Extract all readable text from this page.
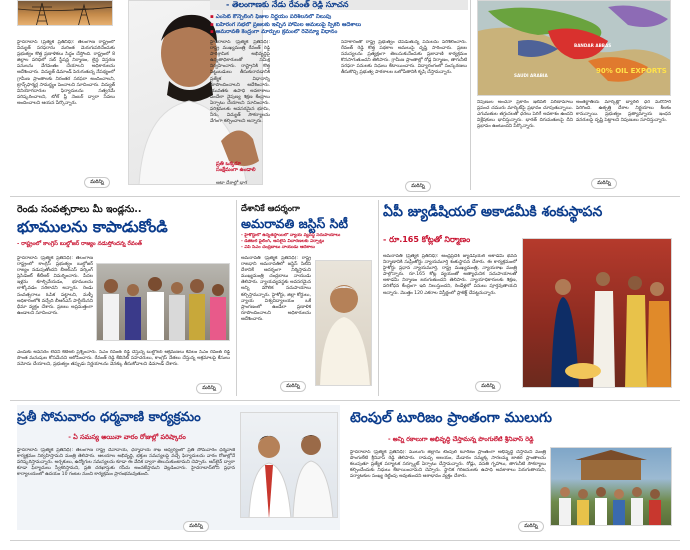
హైదరాబాద్ (ప్రత్యేక ప్రతినిధి): తెలంగాణ రాష్ట్రంలో విద్యుత్ సరఫరాను మరింత మెరుగుపరిచేందుకు ప్రభుత్వం కొత్త ప్రణాళికలు సిద్ధం చేస్తోంది. రాష్ట్రంలో 8 జిల్లాల పరిధిలో సబ్ స్టేషన్ల నిర్మాణం, లైన్ల విస్తరణ పనులను వేగవంతం చేయాలని అధికారులను ఆదేశించారు. విద్యుత్ డిమాండ్ పెరుగుతున్న నేపథ్యంలో గ్రామీణ ప్రాంతాలకు నిరంతర సరఫరా అందించాలని, ట్రాన్స్‌ఫార్మర్ల సామర్థ్యం పెంచాలని సూచించారు. విద్యుత్ వినియోగదారుల ఫిర్యాదులను సత్వరమే పరిష్కరించాలని, టోల్ ఫ్రీ నెంబర్ ద్వారా సేవలు అందించాలని ఆయన పేర్కొన్నారు.
మరిన్ని
ప్రతి ఒక్కరూ సంక్షేమంగా ఉండాలి
ఆటా దేశాల్లో భాగ
- తెలంగాణకు నేడు రేవంత్ రెడ్డి సూచన
▪ ఎంసెట్ కౌన్సెలింగ్ ఫీజుల నిర్ణయం పరిశీలనలో నిలుపు
▪ బహిరంగ సభలో ప్రజలకు ఇచ్చిన హామీల అమలుపై స్పీకర్ ఆదేశాలు
▪ అమరావతి కేంద్రంగా మార్పుల క్రమంలో రెవెన్యూ విధానం
హైదరాబాద్ (ప్రత్యేక ప్రతినిధి): రాష్ట్ర ముఖ్యమంత్రి రేవంత్ రెడ్డి పారిశ్రామిక అభివృద్ధిపై ఉన్నతాధికారులతో సమీక్ష నిర్వహించారు. రాష్ట్రానికి కొత్త పెట్టుబడులు తీసుకురావడానికి ప్రత్యేక విధానాన్ని రూపొందించాలని ఆదేశించారు. యువతకు ఉపాధి అవకాశాలు పెంచేలా నైపుణ్య శిక్షణ కేంద్రాలు ఏర్పాటు చేయాలని సూచించారు. పరిశ్రమలకు అవసరమైన భూమి, నీరు, విద్యుత్ సౌకర్యాలను వేగంగా కల్పించాలని అన్నారు.
సహకారంతో రాష్ట్ర ప్రభుత్వం చేపడుతున్న పనులను పరిశీలించారు. రేవంత్ రెడ్డి కొత్త పథకాల అమలుపై దృష్టి సారించారు. ప్రజల సమస్యలను ప్రత్యక్షంగా తెలుసుకునేందుకు ప్రజావాణి కార్యక్రమం కొనసాగుతుందని తెలిపారు. గ్రామీణ ప్రాంతాల్లో రోడ్ల నిర్మాణం, తాగునీటి సరఫరా పనులకు నిధులు కేటాయించారు. విద్యారంగంలో సంస్కరణలు తీసుకొచ్చి ప్రభుత్వ పాఠశాలల బలోపేతానికి కృషి చేస్తామన్నారు.
మరిన్ని
BANDAR ABBAS
90% OIL EXPORTS
SAUDI ARABIA
నిపుణుల అంచనా ప్రకారం ఇటీవలి పరిణామాలు ప్రపంచ చమురు మార్కెట్‌పై ప్రభావం చూపుతున్నాయి. ఎగుమతుల తగ్గుదలతో ధరలు పెరిగే అవకాశం ఉందని విశ్లేషకులు భావిస్తున్నారు. భారత్ దిగుమతులపై దీని ప్రభావం ఉంటుందని పేర్కొన్నారు.
అంతర్జాతీయ మార్కెట్లో బ్యారెల్ ధర మరోసారి పెరిగింది. ఉత్పత్తి దేశాల నిర్ణయాలు కీలకం కానున్నాయి. ప్రభుత్వం ప్రత్యామ్నాయ ఇంధన వనరులపై దృష్టి పెట్టాలని నిపుణులు సూచిస్తున్నారు.
మరిన్ని
రెండు సంవత్సరాలు మీ ఇండ్లను..
భూములను కాపాడుకోండి
- రాష్ట్రంలో కాంగ్రెస్ బుల్డోజర్ రాజ్యం నడుస్తోందన్న రేవంత్
హైదరాబాద్ (ప్రత్యేక ప్రతినిధి): తెలంగాణ రాష్ట్రంలో కాంగ్రెస్ ప్రభుత్వం బుల్డోజర్ రాజ్యం నడుపుతోందని బీఆర్ఎస్ వర్కింగ్ ప్రెసిడెంట్ కేటీఆర్ విమర్శించారు. పేదల ఇళ్లను కూల్చివేయడం, భూములను లాక్కోవడం సరికాదని అన్నారు. రెండు సంవత్సరాలు ఓపిక పట్టాలని, మళ్ళీ అధికారంలోకి వచ్చేది బీఆర్ఎస్ పార్టీయేనని ధీమా వ్యక్తం చేశారు. ప్రజలు అప్రమత్తంగా ఉండాలని సూచించారు.
ఎందుకు అవసరం లేదని కేటీఆర్ ప్రశ్నించారు. సీఎం రేవంత్ రెడ్డి చేస్తున్న బుల్డోజర్ ఆక్రమణలు కేవలం సీఎం రేవంత్ రెడ్డి సొంత మనుషుల కోసమేనని ఆరోపించారు. రేవంత్ రెడ్డి కేబినెట్ సహచరులు, కాంగ్రెస్ నేతలు చేస్తున్న అక్రమాలపై కేసులు నమోదు చేయాలని, ప్రభుత్వం తప్పుడు నిర్ణయాలను వెనక్కు తీసుకోవాలని డిమాండ్ చేశారు.
మరిన్ని
దేశానికే ఆదర్శంగా
అమరావతి జస్టిస్ సిటీ
- హైకోర్టులో ఉన్నతస్థాయిలో న్యాయ వ్యవస్థ సదుపాయాలు
- డిజిటల్ ఫైలింగ్, ఆన్‌లైన్ విచారణలకు ఏర్పాట్లు
- ఏపీ సీఎం చంద్రబాబు నాయుడు ఆదేశాలు
అమరావతి (ప్రత్యేక ప్రతినిధి): రాష్ట్ర రాజధాని అమరావతిలో జస్టిస్ సిటీని దేశానికే ఆదర్శంగా నిర్మిస్తామని ముఖ్యమంత్రి చంద్రబాబు నాయుడు తెలిపారు. న్యాయవ్యవస్థకు అవసరమైన అన్ని మౌలిక సదుపాయాలు కల్పిస్తామన్నారు. హైకోర్టు, జిల్లా కోర్టులు, న్యాయ విశ్వవిద్యాలయం ఒకే ప్రాంగణంలో ఉండేలా ప్రణాళిక రూపొందించాలని అధికారులను ఆదేశించారు.
మరిన్ని
ఏపీ జ్యుడీషియల్ అకాడమీకి శంకుస్థాపన
- రూ.165 కోట్లతో నిర్మాణం
అమరావతి (ప్రత్యేక ప్రతినిధి): ఆంధ్రప్రదేశ్ జ్యుడీషియల్ అకాడమీ భవన నిర్మాణానికి సుప్రీంకోర్టు న్యాయమూర్తి శంకుస్థాపన చేశారు. ఈ కార్యక్రమంలో హైకోర్టు ప్రధాన న్యాయమూర్తి, రాష్ట్ర ముఖ్యమంత్రి, న్యాయశాఖ మంత్రి పాల్గొన్నారు. రూ.165 కోట్ల వ్యయంతో అత్యాధునిక సదుపాయాలతో అకాడమీ నిర్మాణం జరుగుతుందని తెలిపారు. న్యాయాధికారులకు శిక్షణ, పరిశోధన కేంద్రంగా ఇది నిలుస్తుందని, రెండేళ్లలో పనులు పూర్తవుతాయని అన్నారు. మొత్తం 120 ఎకరాల విస్తీర్ణంలో ప్రాజెక్ట్ చేపట్టనున్నారు.
మరిన్ని
ప్రతీ సోమవారం ధర్మవాణి కార్యక్రమం
- ఏ సమస్య అయినా వారం రోజుల్లో పరిష్కారం
హైదరాబాద్ (ప్రత్యేక ప్రతినిధి): తెలంగాణ రాష్ట్ర దేవాదాయ, ధర్మాదాయ శాఖ ఆధ్వర్యంలో ప్రతీ సోమవారం ధర్మవాణి కార్యక్రమం నిర్వహిస్తామని మంత్రి తెలిపారు. ఆలయాల అభివృద్ధి, భక్తుల సమస్యలపై వచ్చే ఫిర్యాదులను వారం రోజుల్లోనే పరిష్కరిస్తామన్నారు. అర్చకులు, ఉద్యోగుల సమస్యలను కూడా ఈ వేదిక ద్వారా తెలుసుకుంటామని చెప్పారు. ఆన్‌లైన్ ద్వారా కూడా ఫిర్యాదులు స్వీకరిస్తామని, ప్రతి దరఖాస్తుకు రసీదు అందజేస్తామని వెల్లడించారు. హైదరాబాద్‌లోని ప్రధాన కార్యాలయంలో ఉదయం 10 గంటల నుంచి కార్యక్రమం ప్రారంభమవుతుంది.
మరిన్ని
టెంపుల్ టూరిజం ప్రాంతంగా ములుగు
- అన్ని రకాలుగా అభివృద్ధి చేస్తామన్న పొంగులేటి శ్రీనివాస్ రెడ్డి
హైదరాబాద్ (ప్రత్యేక ప్రతినిధి): ములుగు జిల్లాను టెంపుల్ టూరిజం ప్రాంతంగా అభివృద్ధి చేస్తామని మంత్రి పొంగులేటి శ్రీనివాస్ రెడ్డి తెలిపారు. రామప్ప ఆలయం, మేడారం సమ్మక్క సారలమ్మ జాతర ప్రాంతాలను కలుపుతూ ప్రత్యేక పర్యాటక సర్క్యూట్ ఏర్పాటు చేస్తామన్నారు. రోడ్లు, వసతి గృహాలు, తాగునీటి సౌకర్యాలు కల్పించేందుకు నిధులు కేటాయించామని చెప్పారు. స్థానిక గిరిజనులకు ఉపాధి అవకాశాలు పెరుగుతాయని, పర్యాటకుల సంఖ్య రెట్టింపు అవుతుందని ఆశాభావం వ్యక్తం చేశారు.
మరిన్ని
